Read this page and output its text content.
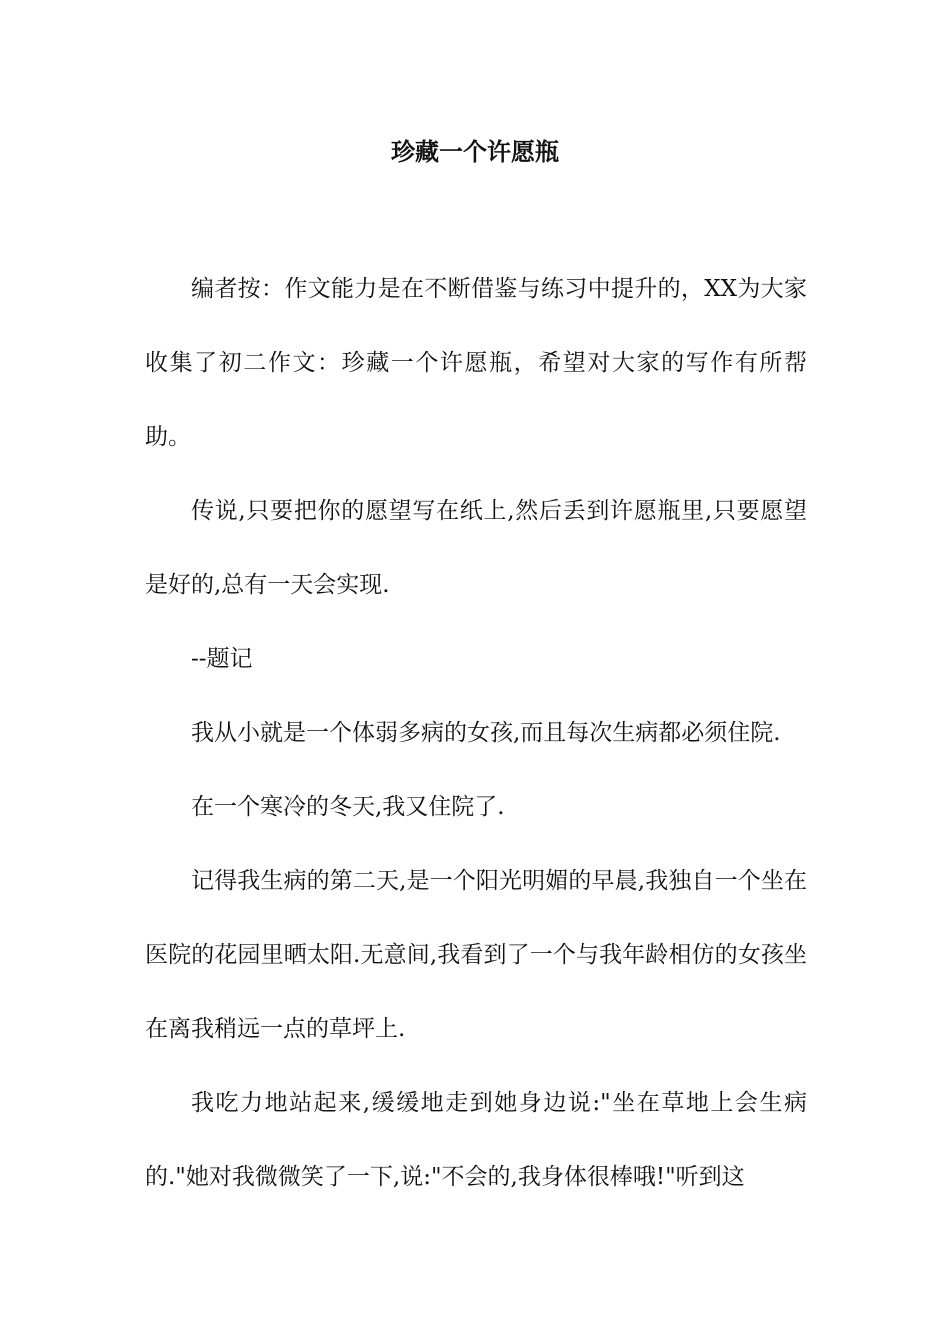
珍藏一个许愿瓶

编者按：作文能力是在不断借鉴与练习中提升的，XX为大家收集了初二作文：珍藏一个许愿瓶，希望对大家的写作有所帮助。

传说,只要把你的愿望写在纸上,然后丢到许愿瓶里,只要愿望是好的,总有一天会实现.

--题记

我从小就是一个体弱多病的女孩,而且每次生病都必须住院.

在一个寒冷的冬天,我又住院了.

记得我生病的第二天,是一个阳光明媚的早晨,我独自一个坐在医院的花园里晒太阳.无意间,我看到了一个与我年龄相仿的女孩坐在离我稍远一点的草坪上.

我吃力地站起来,缓缓地走到她身边说:"坐在草地上会生病的."她对我微微笑了一下,说:"不会的,我身体很棒哦!"听到这
